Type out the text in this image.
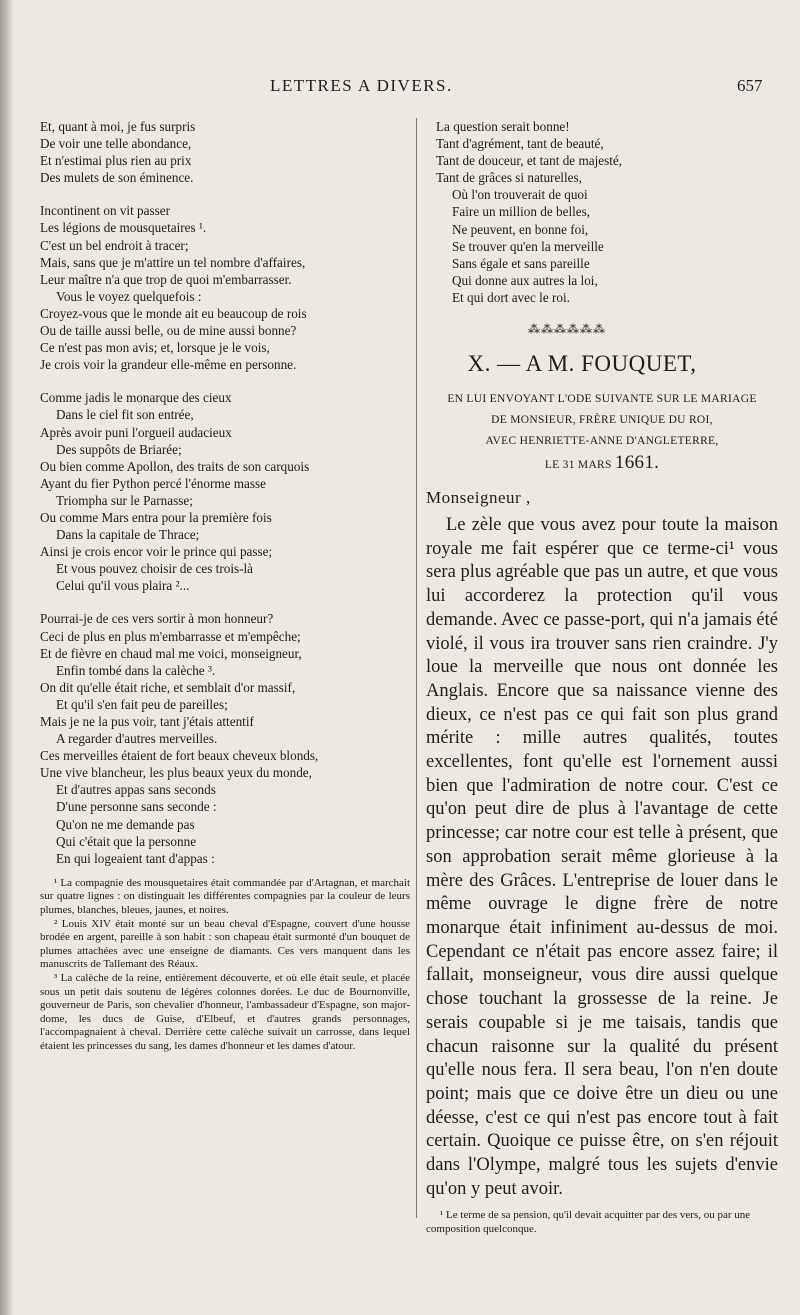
LETTRES A DIVERS.	657
Et, quant à moi, je fus surpris
De voir une telle abondance,
Et n'estimai plus rien au prix
Des mulets de son éminence.
Incontinent on vit passer
Les légions de mousquetaires ¹.
C'est un bel endroit à tracer;
Mais, sans que je m'attire un tel nombre d'affaires,
Leur maître n'a que trop de quoi m'embarrasser.
Vous le voyez quelquefois :
Croyez-vous que le monde ait eu beaucoup de rois
Ou de taille aussi belle, ou de mine aussi bonne?
Ce n'est pas mon avis; et, lorsque je le vois,
Je crois voir la grandeur elle-même en personne.
Comme jadis le monarque des cieux
Dans le ciel fit son entrée,
Après avoir puni l'orgueil audacieux
Des suppôts de Briarée;
Ou bien comme Apollon, des traits de son carquois
Ayant du fier Python percé l'énorme masse
Triompha sur le Parnasse;
Ou comme Mars entra pour la première fois
Dans la capitale de Thrace;
Ainsi je crois encor voir le prince qui passe;
Et vous pouvez choisir de ces trois-là
Celui qu'il vous plaira ²...
Pourrai-je de ces vers sortir à mon honneur?
Ceci de plus en plus m'embarrasse et m'empêche;
Et de fièvre en chaud mal me voici, monseigneur,
Enfin tombé dans la calèche ³.
On dit qu'elle était riche, et semblait d'or massif,
Et qu'il s'en fait peu de pareilles;
Mais je ne la pus voir, tant j'étais attentif
A regarder d'autres merveilles.
Ces merveilles étaient de fort beaux cheveux blonds,
Une vive blancheur, les plus beaux yeux du monde,
Et d'autres appas sans seconds
D'une personne sans seconde :
Qu'on ne me demande pas
Qui c'était que la personne
En qui logeaient tant d'appas :

¹ La compagnie des mousquetaires était commandée par d'Artagnan, et marchait sur quatre lignes : on distinguait les différentes compagnies par la couleur de leurs plumes, blanches, bleues, jaunes, et noires.

² Louis XIV était monté sur un beau cheval d'Espagne, couvert d'une housse brodée en argent, pareille à son habit : son chapeau était surmonté d'un bouquet de plumes attachées avec une enseigne de diamants. Ces vers manquent dans les manuscrits de Tallemant des Réaux.

³ La calèche de la reine, entièrement découverte, et où elle était seule, et placée sous un petit dais soutenu de légères colonnes dorées. Le duc de Bournonville, gouverneur de Paris, son chevalier d'honneur, l'ambassadeur d'Espagne, son major-dome, les ducs de Guise, d'Elbeuf, et d'autres grands personnages, l'accompagnaient à cheval. Derrière cette calèche suivait un carrosse, dans lequel étaient les princesses du sang, les dames d'honneur et les dames d'atour.

La question serait bonne!
Tant d'agrément, tant de beauté,
Tant de douceur, et tant de majesté,
Tant de grâces si naturelles,
Où l'on trouverait de quoi
Faire un million de belles,
Ne peuvent, en bonne foi,
Se trouver qu'en la merveille
Sans égale et sans pareille
Qui donne aux autres la loi,
Et qui dort avec le roi.
⁂⁂⁂⁂⁂⁂
X. — A M. FOUQUET,
EN LUI ENVOYANT L'ODE SUIVANTE SUR LE MARIAGE
DE MONSIEUR, FRÈRE UNIQUE DU ROI,
AVEC HENRIETTE-ANNE D'ANGLETERRE,
LE 31 MARS 1661.
Monseigneur ,

Le zèle que vous avez pour toute la maison royale me fait espérer que ce terme-ci¹ vous sera plus agréable que pas un autre, et que vous lui accorderez la protection qu'il vous demande. Avec ce passe-port, qui n'a jamais été violé, il vous ira trouver sans rien craindre. J'y loue la merveille que nous ont donnée les Anglais. Encore que sa naissance vienne des dieux, ce n'est pas ce qui fait son plus grand mérite : mille autres qualités, toutes excellentes, font qu'elle est l'ornement aussi bien que l'admiration de notre cour. C'est ce qu'on peut dire de plus à l'avantage de cette princesse; car notre cour est telle à présent, que son approbation serait même glorieuse à la mère des Grâces. L'entreprise de louer dans le même ouvrage le digne frère de notre monarque était infiniment au-dessus de moi. Cependant ce n'était pas encore assez faire; il fallait, monseigneur, vous dire aussi quelque chose touchant la grossesse de la reine. Je serais coupable si je me taisais, tandis que chacun raisonne sur la qualité du présent qu'elle nous fera. Il sera beau, l'on n'en doute point; mais que ce doive être un dieu ou une déesse, c'est ce qui n'est pas encore tout à fait certain. Quoique ce puisse être, on s'en réjouit dans l'Olympe, malgré tous les sujets d'envie qu'on y peut avoir.

¹ Le terme de sa pension, qu'il devait acquitter par des vers, ou par une composition quelconque.
